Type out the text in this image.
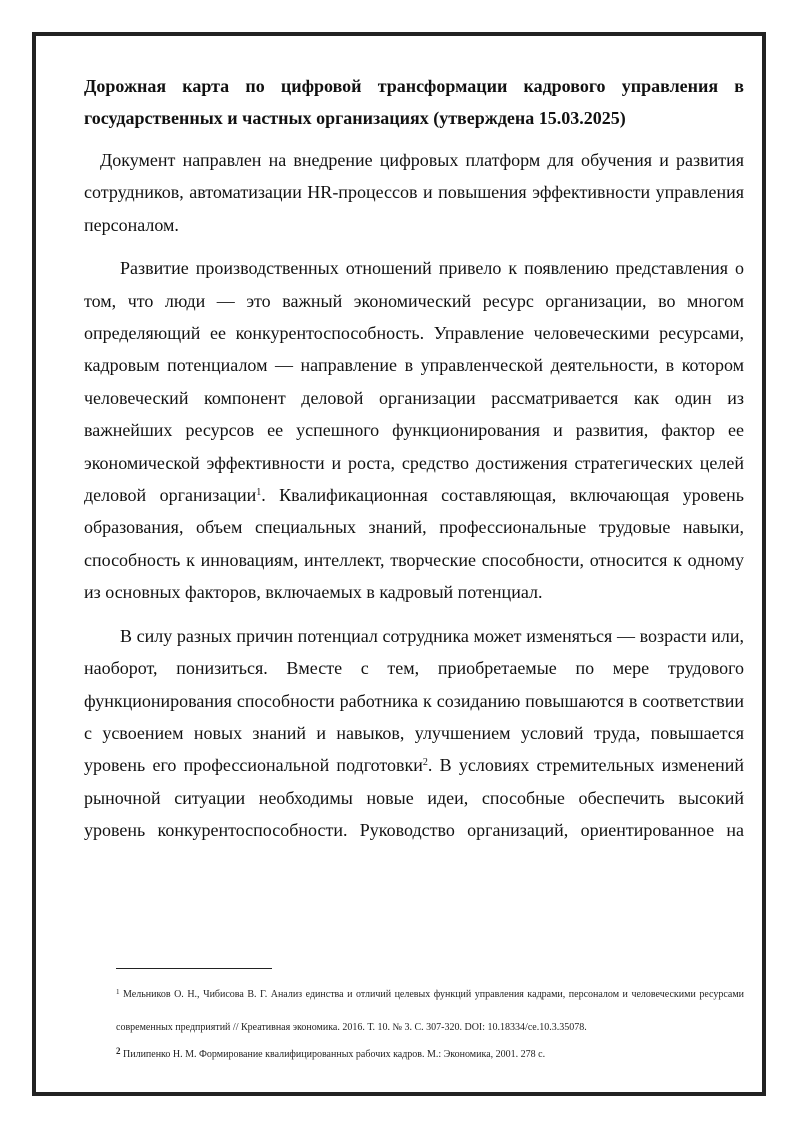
Дорожная карта по цифровой трансформации кадрового управления в государственных и частных организациях (утверждена 15.03.2025)

Документ направлен на внедрение цифровых платформ для обучения и развития сотрудников, автоматизации HR-процессов и повышения эффективности управления персоналом.

Развитие производственных отношений привело к появлению представления о том, что люди — это важный экономический ресурс организации, во многом определяющий ее конкурентоспособность. Управление человеческими ресурсами, кадровым потенциалом — направление в управленческой деятельности, в котором человеческий компонент деловой организации рассматривается как один из важнейших ресурсов ее успешного функционирования и развития, фактор ее экономической эффективности и роста, средство достижения стратегических целей деловой организации$^1$. Квалификационная составляющая, включающая уровень образования, объем специальных знаний, профессиональные трудовые навыки, способность к инновациям, интеллект, творческие способности, относится к одному из основных факторов, включаемых в кадровый потенциал.

В силу разных причин потенциал сотрудника может изменяться — возрасти или, наоборот, понизиться. Вместе с тем, приобретаемые по мере трудового функционирования способности работника к созиданию повышаются в соответствии с усвоением новых знаний и навыков, улучшением условий труда, повышается уровень его профессиональной подготовки$^2$. В условиях стремительных изменений рыночной ситуации необходимы новые идеи, способные обеспечить высокий уровень конкурентоспособности. Руководство организаций, ориентированное на

$^1$ Мельников О. Н., Чибисова В. Г. Анализ единства и отличий целевых функций управления кадрами, персоналом и человеческими ресурсами современных предприятий // Креативная экономика. 2016. Т. 10. № 3. С. 307-320. DOI: 10.18334/ce.10.3.35078.

$^2$ Пилипенко Н. М. Формирование квалифицированных рабочих кадров. М.: Экономика, 2001. 278 с.
